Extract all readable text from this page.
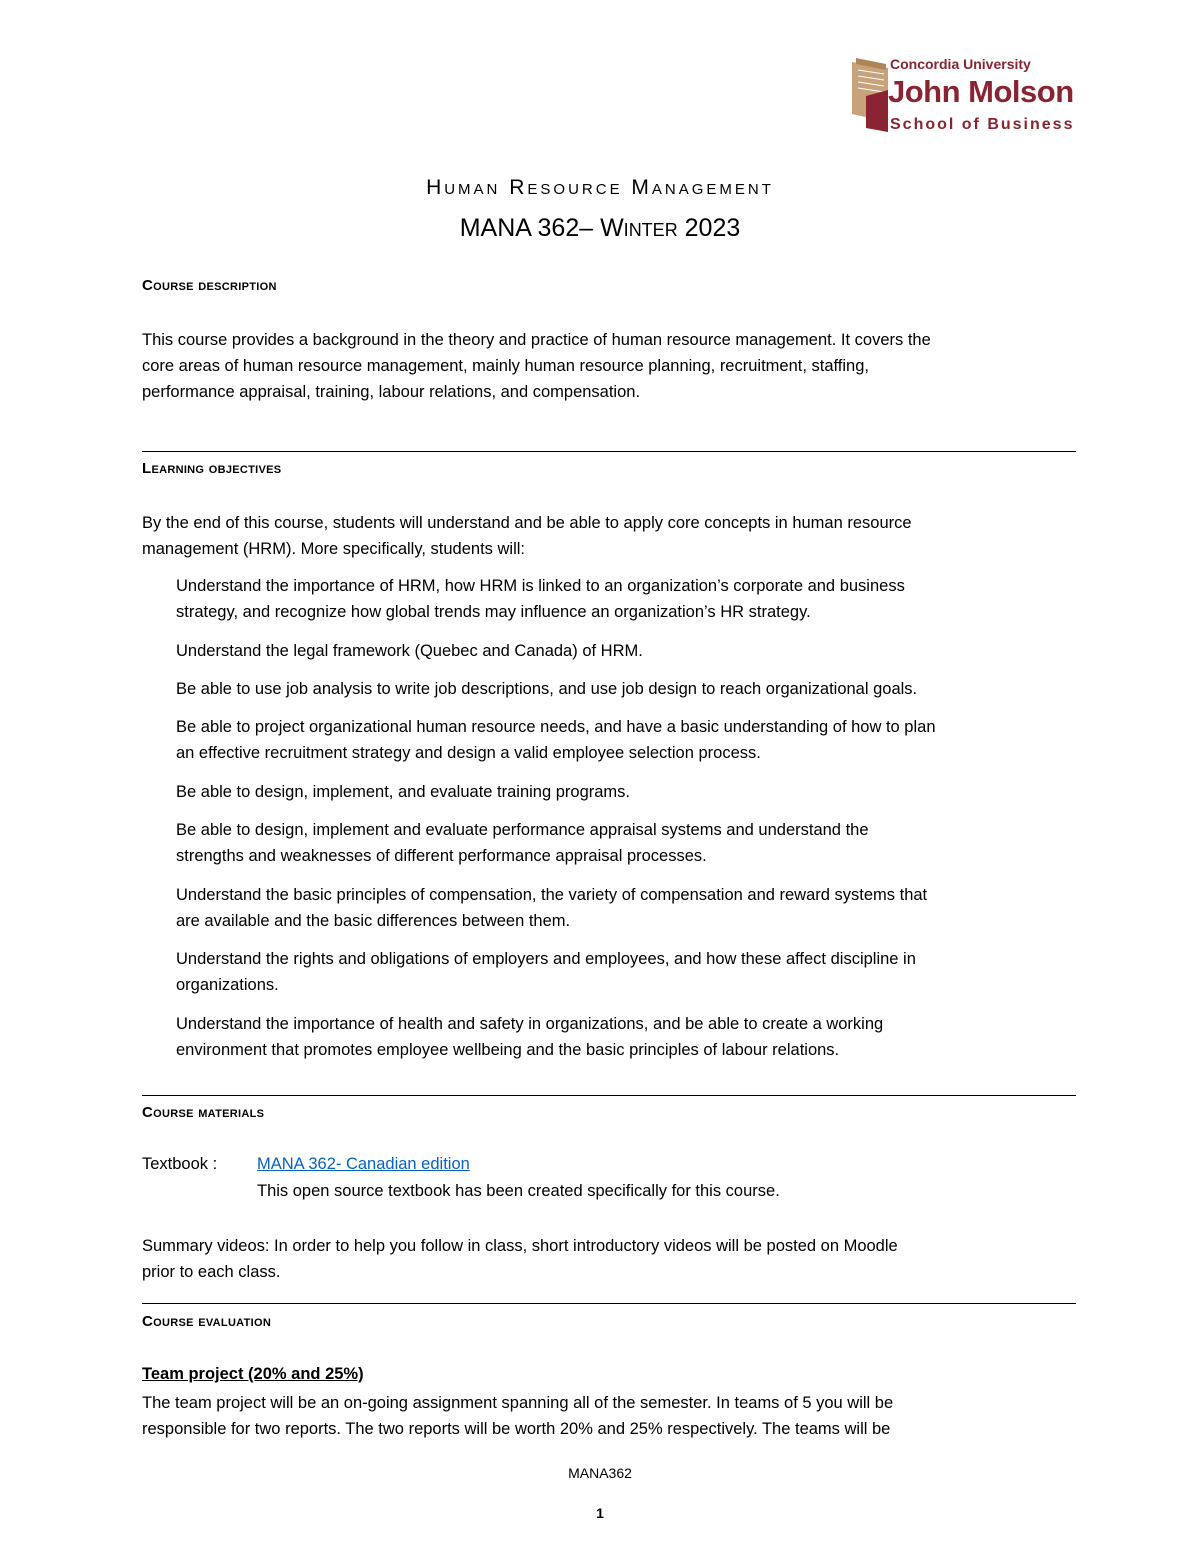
Concordia University
John Molson
School of Business
Human Resource Management
MANA 362– Winter 2023
Course description
This course provides a background in the theory and practice of human resource management. It covers the
core areas of human resource management, mainly human resource planning, recruitment, staffing,
performance appraisal, training, labour relations, and compensation.
Learning objectives
By the end of this course, students will understand and be able to apply core concepts in human resource
management (HRM). More specifically, students will:
Understand the importance of HRM, how HRM is linked to an organization’s corporate and business
strategy, and recognize how global trends may influence an organization’s HR strategy.
Understand the legal framework (Quebec and Canada) of HRM.
Be able to use job analysis to write job descriptions, and use job design to reach organizational goals.
Be able to project organizational human resource needs, and have a basic understanding of how to plan
an effective recruitment strategy and design a valid employee selection process.
Be able to design, implement, and evaluate training programs.
Be able to design, implement and evaluate performance appraisal systems and understand the
strengths and weaknesses of different performance appraisal processes.
Understand the basic principles of compensation, the variety of compensation and reward systems that
are available and the basic differences between them.
Understand the rights and obligations of employers and employees, and how these affect discipline in
organizations.
Understand the importance of health and safety in organizations, and be able to create a working
environment that promotes employee wellbeing and the basic principles of labour relations.
Course materials
Textbook : MANA 362- Canadian edition
This open source textbook has been created specifically for this course.
Summary videos: In order to help you follow in class, short introductory videos will be posted on Moodle
prior to each class.
Course evaluation
Team project (20% and 25%)
The team project will be an on-going assignment spanning all of the semester. In teams of 5 you will be
responsible for two reports. The two reports will be worth 20% and 25% respectively. The teams will be
MANA362
1
